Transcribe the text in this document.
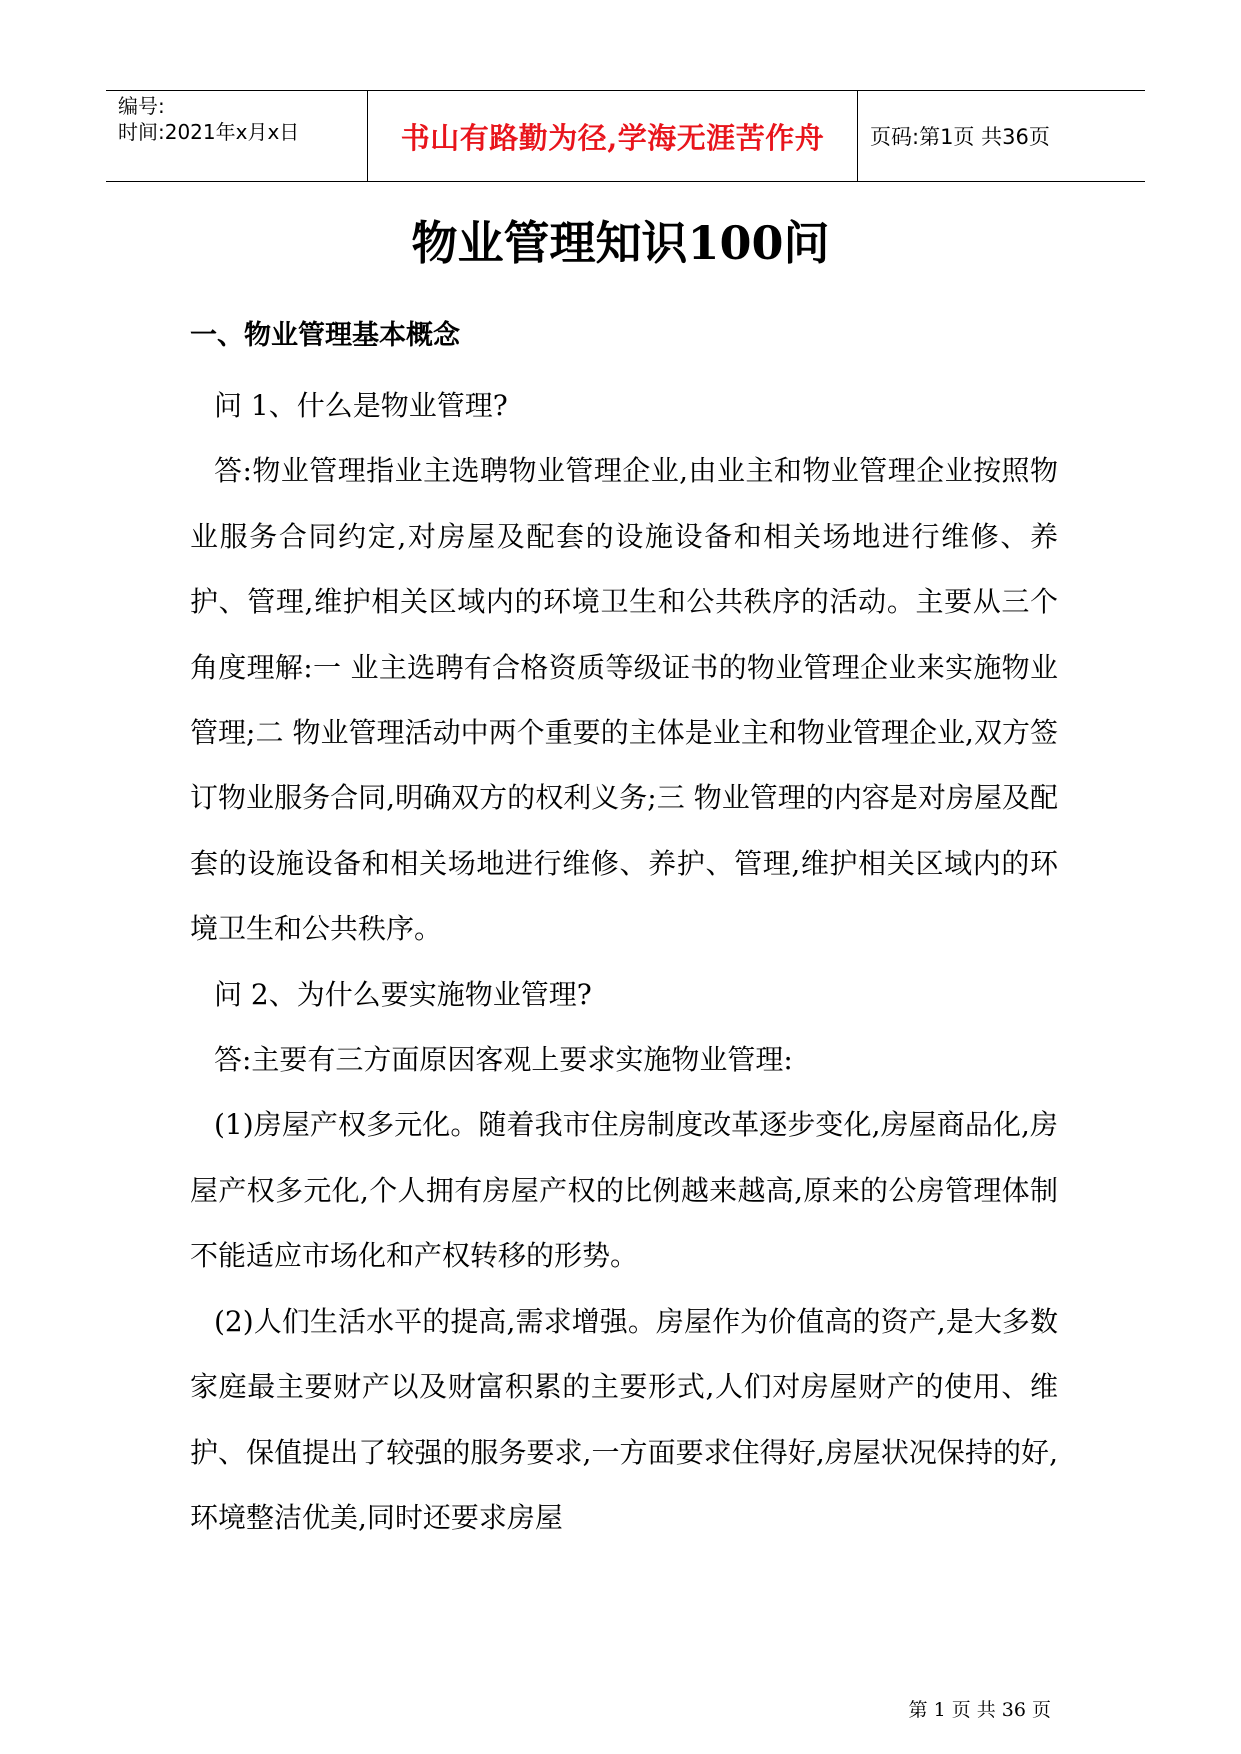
编号:
时间:2021年x月x日	书山有路勤为径,学海无涯苦作舟 页码:第1页 共36页
物业管理知识100问
一、物业管理基本概念

问 1、什么是物业管理?

答:物业管理指业主选聘物业管理企业,由业主和物业管理企业按照物业服务合同约定,对房屋及配套的设施设备和相关场地进行维修、养护、管理,维护相关区域内的环境卫生和公共秩序的活动。主要从三个角度理解:一 业主选聘有合格资质等级证书的物业管理企业来实施物业管理;二 物业管理活动中两个重要的主体是业主和物业管理企业,双方签订物业服务合同,明确双方的权利义务;三 物业管理的内容是对房屋及配套的设施设备和相关场地进行维修、养护、管理,维护相关区域内的环境卫生和公共秩序。

问 2、为什么要实施物业管理?

答:主要有三方面原因客观上要求实施物业管理:

(1)房屋产权多元化。随着我市住房制度改革逐步变化,房屋商品化,房屋产权多元化,个人拥有房屋产权的比例越来越高,原来的公房管理体制不能适应市场化和产权转移的形势。

(2)人们生活水平的提高,需求增强。房屋作为价值高的资产,是大多数家庭最主要财产以及财富积累的主要形式,人们对房屋财产的使用、维护、保值提出了较强的服务要求,一方面要求住得好,房屋状况保持的好,环境整洁优美,同时还要求房屋

第 1 页 共 36 页
